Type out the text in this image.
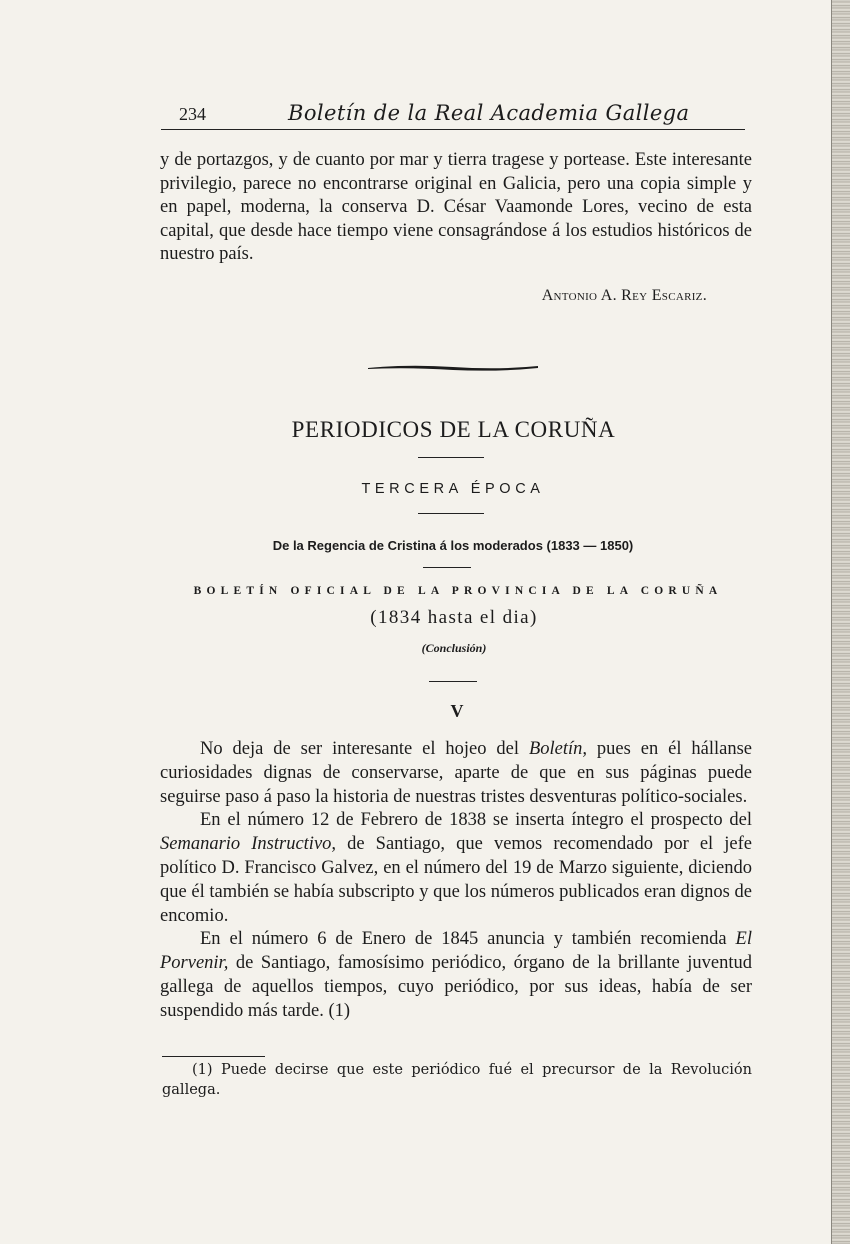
234	Boletín de la Real Academia Gallega

y de portazgos, y de cuanto por mar y tierra tragese y portease. Este interesante privilegio, parece no encontrarse original en Galicia, pero una copia simple y en papel, moderna, la conserva D. César Vaamonde Lores, vecino de esta capital, que desde hace tiempo viene consagrándose á los estudios históricos de nuestro país.

Antonio A. Rey Escariz.
PERIODICOS DE LA CORUÑA
TERCERA ÉPOCA
De la Regencia de Cristina á los moderados (1833 — 1850)
BOLETÍN OFICIAL DE LA PROVINCIA DE LA CORUÑA
(1834 hasta el dia)
(Conclusión)
V

No deja de ser interesante el hojeo del Boletín, pues en él hállanse curiosidades dignas de conservarse, aparte de que en sus páginas puede seguirse paso á paso la historia de nuestras tristes desventuras político-sociales.

En el número 12 de Febrero de 1838 se inserta íntegro el prospecto del Semanario Instructivo, de Santiago, que vemos recomendado por el jefe político D. Francisco Galvez, en el número del 19 de Marzo siguiente, diciendo que él también se había subscripto y que los números publicados eran dignos de encomio.

En el número 6 de Enero de 1845 anuncia y también recomienda El Porvenir, de Santiago, famosísimo periódico, órgano de la brillante juventud gallega de aquellos tiempos, cuyo periódico, por sus ideas, había de ser suspendido más tarde. (1)

(1) Puede decirse que este periódico fué el precursor de la Revolución gallega.
